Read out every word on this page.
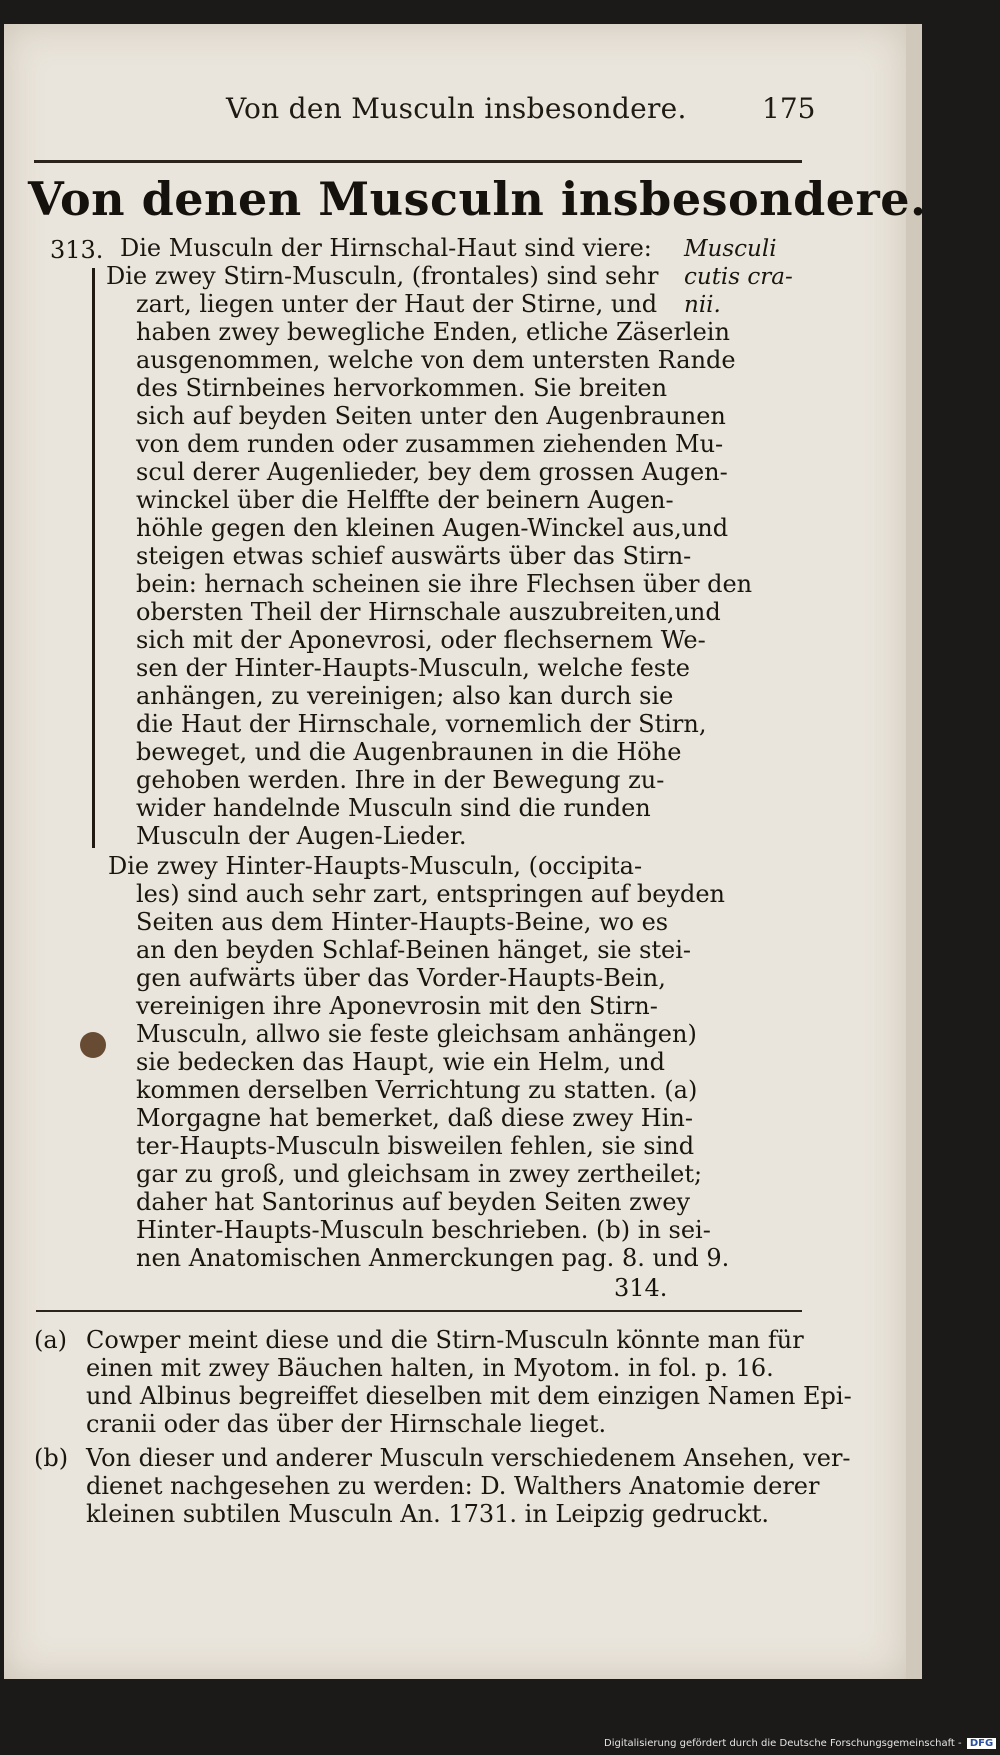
Von den Musculn insbesondere.	175
Von denen Musculn insbesondere.
313. Die Musculn der Hirnschal-Haut sind viere:
Die zwey Stirn-Musculn, (frontales) sind sehr
zart, liegen unter der Haut der Stirne, und
haben zwey bewegliche Enden, etliche Zäserlein
ausgenommen, welche von dem untersten Rande
des Stirnbeines hervorkommen. Sie breiten
sich auf beyden Seiten unter den Augenbraunen
von dem runden oder zusammen ziehenden Mu-
scul derer Augenlieder, bey dem grossen Augen-
winckel über die Helffte der beinern Augen-
höhle gegen den kleinen Augen-Winckel aus,und
steigen etwas schief auswärts über das Stirn-
bein: hernach scheinen sie ihre Flechsen über den
obersten Theil der Hirnschale auszubreiten,und
sich mit der Aponevrosi, oder flechsernem We-
sen der Hinter-Haupts-Musculn, welche feste
anhängen, zu vereinigen; also kan durch sie
die Haut der Hirnschale, vornemlich der Stirn,
beweget, und die Augenbraunen in die Höhe
gehoben werden. Ihre in der Bewegung zu-
wider handelnde Musculn sind die runden
Musculn der Augen-Lieder.
Die zwey Hinter-Haupts-Musculn, (occipita-
les) sind auch sehr zart, entspringen auf beyden
Seiten aus dem Hinter-Haupts-Beine, wo es
an den beyden Schlaf-Beinen hänget, sie stei-
gen aufwärts über das Vorder-Haupts-Bein,
vereinigen ihre Aponevrosin mit den Stirn-
Musculn, allwo sie feste gleichsam anhängen)
sie bedecken das Haupt, wie ein Helm, und
kommen derselben Verrichtung zu statten. (a)
Morgagne hat bemerket, daß diese zwey Hin-
ter-Haupts-Musculn bisweilen fehlen, sie sind
gar zu groß, und gleichsam in zwey zertheilet;
daher hat Santorinus auf beyden Seiten zwey
Hinter-Haupts-Musculn beschrieben. (b) in sei-
nen Anatomischen Anmerckungen pag. 8. und 9.
314.
Musculi
cutis cra-
nii.
(a) Cowper meint diese und die Stirn-Musculn könnte man für
einen mit zwey Bäuchen halten, in Myotom. in fol. p. 16.
und Albinus begreiffet dieselben mit dem einzigen Namen Epi-
cranii oder das über der Hirnschale lieget.
(b) Von dieser und anderer Musculn verschiedenem Ansehen, ver-
dienet nachgesehen zu werden: D. Walthers Anatomie derer
kleinen subtilen Musculn An. 1731. in Leipzig gedruckt.
Digitalisierung gefördert durch die Deutsche Forschungsgemeinschaft - DFG
